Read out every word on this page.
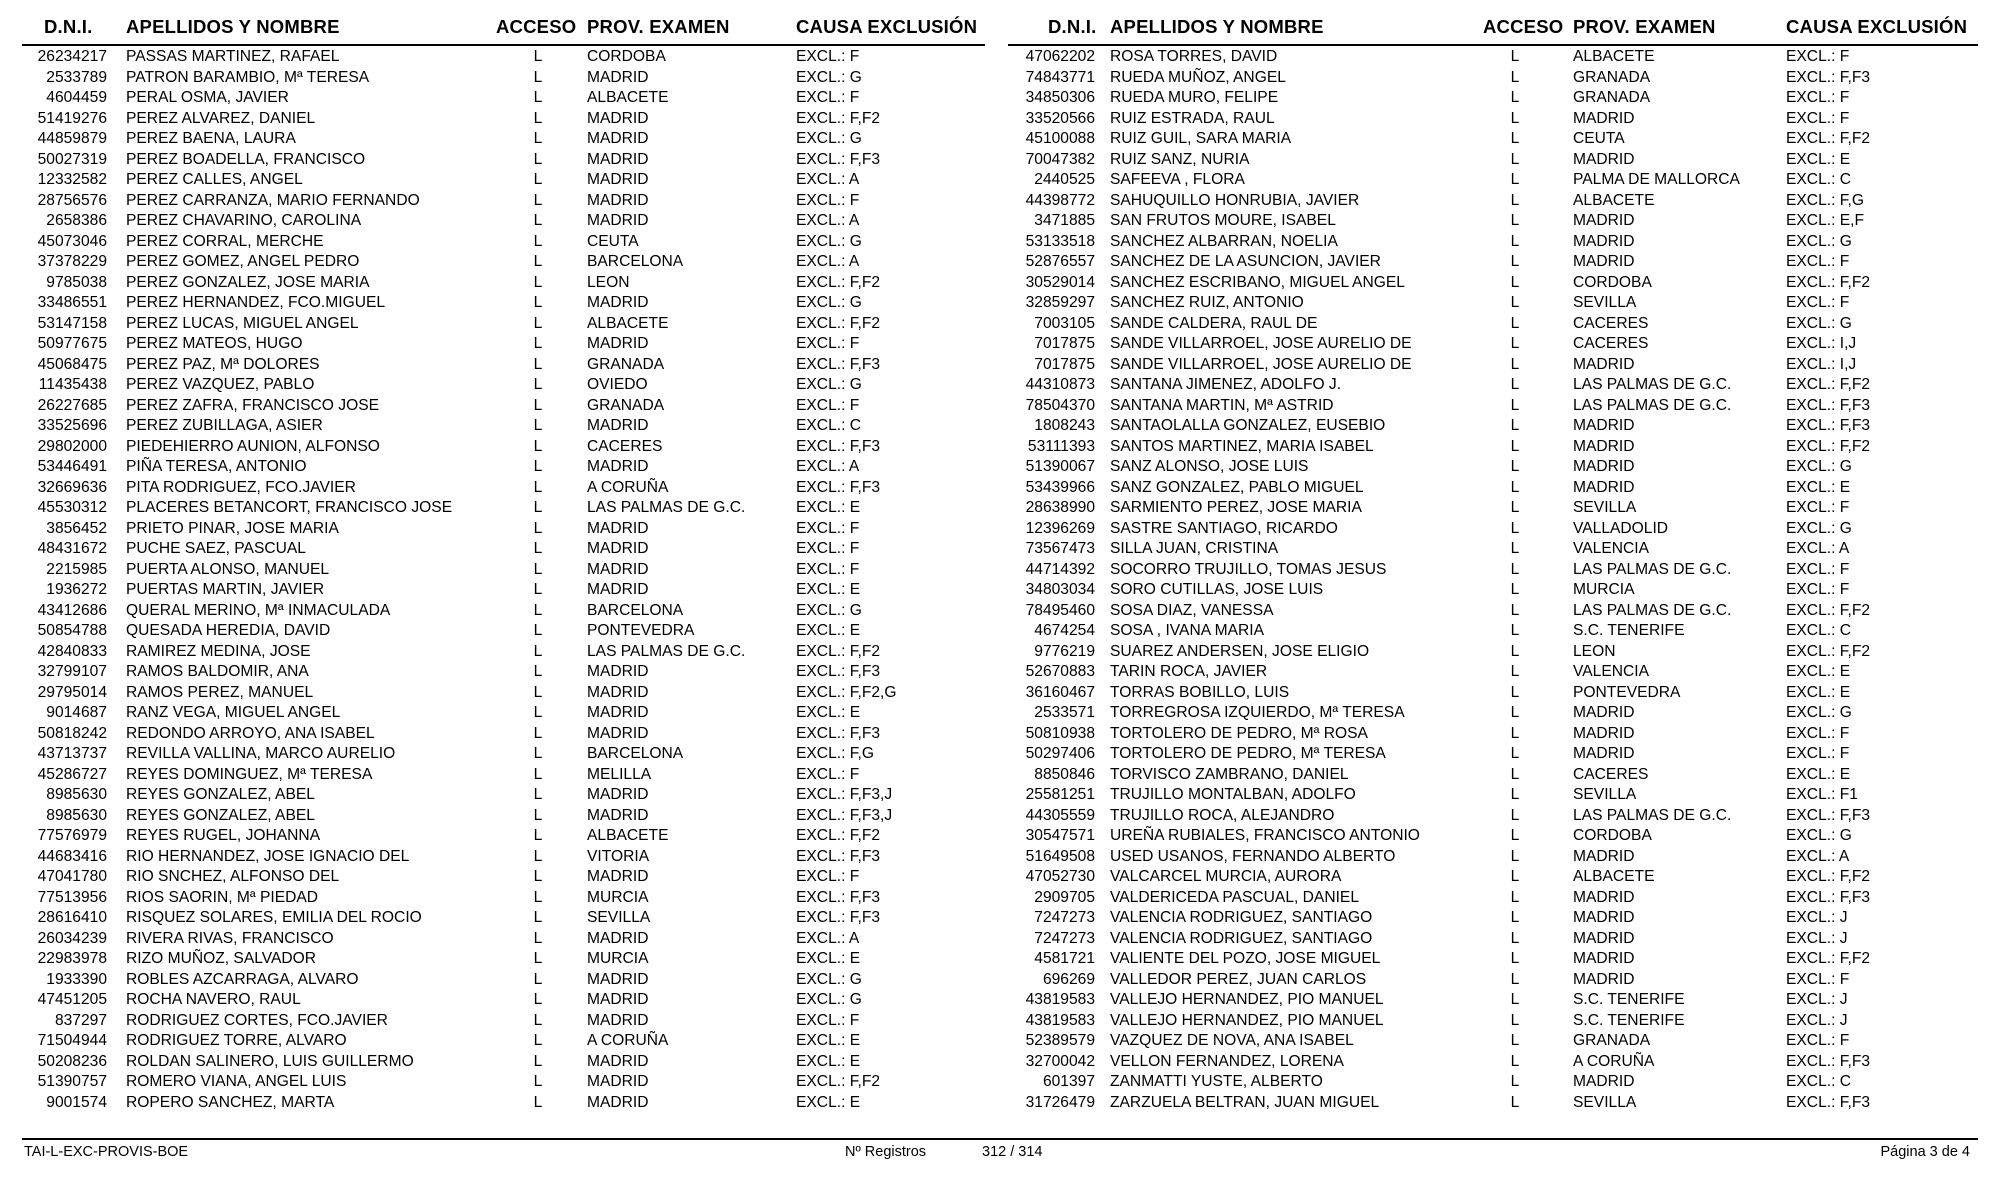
D.N.I. APELLIDOS Y NOMBRE	ACCESO PROV. EXAMEN	CAUSA EXCLUSIÓN
26234217 PASSAS MARTINEZ, RAFAEL	L	CORDOBA	EXCL.: F
2533789 PATRON BARAMBIO, Mª TERESA	L	MADRID	EXCL.: G
4604459 PERAL OSMA, JAVIER	L	ALBACETE	EXCL.: F
51419276 PEREZ ALVAREZ, DANIEL	L	MADRID	EXCL.: F,F2
44859879 PEREZ BAENA, LAURA	L	MADRID	EXCL.: G
50027319 PEREZ BOADELLA, FRANCISCO	L	MADRID	EXCL.: F,F3
12332582 PEREZ CALLES, ANGEL	L	MADRID	EXCL.: A
28756576 PEREZ CARRANZA, MARIO FERNANDO	L	MADRID	EXCL.: F
2658386 PEREZ CHAVARINO, CAROLINA	L	MADRID	EXCL.: A
45073046 PEREZ CORRAL, MERCHE	L	CEUTA	EXCL.: G
37378229 PEREZ GOMEZ, ANGEL PEDRO	L	BARCELONA	EXCL.: A
9785038 PEREZ GONZALEZ, JOSE MARIA	L	LEON	EXCL.: F,F2
33486551 PEREZ HERNANDEZ, FCO.MIGUEL	L	MADRID	EXCL.: G
53147158 PEREZ LUCAS, MIGUEL ANGEL	L	ALBACETE	EXCL.: F,F2
50977675 PEREZ MATEOS, HUGO	L	MADRID	EXCL.: F
45068475 PEREZ PAZ, Mª DOLORES	L	GRANADA	EXCL.: F,F3
11435438 PEREZ VAZQUEZ, PABLO	L	OVIEDO	EXCL.: G
26227685 PEREZ ZAFRA, FRANCISCO JOSE	L	GRANADA	EXCL.: F
33525696 PEREZ ZUBILLAGA, ASIER	L	MADRID	EXCL.: C
29802000 PIEDEHIERRO AUNION, ALFONSO	L	CACERES	EXCL.: F,F3
53446491 PIÑA TERESA, ANTONIO	L	MADRID	EXCL.: A
32669636 PITA RODRIGUEZ, FCO.JAVIER	L	A CORUÑA	EXCL.: F,F3
45530312 PLACERES BETANCORT, FRANCISCO JOSE	L	LAS PALMAS DE G.C.	EXCL.: E
3856452 PRIETO PINAR, JOSE MARIA	L	MADRID	EXCL.: F
48431672 PUCHE SAEZ, PASCUAL	L	MADRID	EXCL.: F
2215985 PUERTA ALONSO, MANUEL	L	MADRID	EXCL.: F
1936272 PUERTAS MARTIN, JAVIER	L	MADRID	EXCL.: E
43412686 QUERAL MERINO, Mª INMACULADA	L	BARCELONA	EXCL.: G
50854788 QUESADA HEREDIA, DAVID	L	PONTEVEDRA	EXCL.: E
42840833 RAMIREZ MEDINA, JOSE	L	LAS PALMAS DE G.C.	EXCL.: F,F2
32799107 RAMOS BALDOMIR, ANA	L	MADRID	EXCL.: F,F3
29795014 RAMOS PEREZ, MANUEL	L	MADRID	EXCL.: F,F2,G
9014687 RANZ VEGA, MIGUEL ANGEL	L	MADRID	EXCL.: E
50818242 REDONDO ARROYO, ANA ISABEL	L	MADRID	EXCL.: F,F3
43713737 REVILLA VALLINA, MARCO AURELIO	L	BARCELONA	EXCL.: F,G
45286727 REYES DOMINGUEZ, Mª TERESA	L	MELILLA	EXCL.: F
8985630 REYES GONZALEZ, ABEL	L	MADRID	EXCL.: F,F3,J
8985630 REYES GONZALEZ, ABEL	L	MADRID	EXCL.: F,F3,J
77576979 REYES RUGEL, JOHANNA	L	ALBACETE	EXCL.: F,F2
44683416 RIO HERNANDEZ, JOSE IGNACIO DEL	L	VITORIA	EXCL.: F,F3
47041780 RIO SNCHEZ, ALFONSO DEL	L	MADRID	EXCL.: F
77513956 RIOS SAORIN, Mª PIEDAD	L	MURCIA	EXCL.: F,F3
28616410 RISQUEZ SOLARES, EMILIA DEL ROCIO	L	SEVILLA	EXCL.: F,F3
26034239 RIVERA RIVAS, FRANCISCO	L	MADRID	EXCL.: A
22983978 RIZO MUÑOZ, SALVADOR	L	MURCIA	EXCL.: E
1933390 ROBLES AZCARRAGA, ALVARO	L	MADRID	EXCL.: G
47451205 ROCHA NAVERO, RAUL	L	MADRID	EXCL.: G
837297 RODRIGUEZ CORTES, FCO.JAVIER	L	MADRID	EXCL.: F
71504944 RODRIGUEZ TORRE, ALVARO	L	A CORUÑA	EXCL.: E
50208236 ROLDAN SALINERO, LUIS GUILLERMO	L	MADRID	EXCL.: E
51390757 ROMERO VIANA, ANGEL LUIS	L	MADRID	EXCL.: F,F2
9001574 ROPERO SANCHEZ, MARTA	L	MADRID	EXCL.: E
D.N.I. APELLIDOS Y NOMBRE	ACCESO PROV. EXAMEN	CAUSA EXCLUSIÓN
47062202 ROSA TORRES, DAVID	L	ALBACETE	EXCL.: F
74843771 RUEDA MUÑOZ, ANGEL	L	GRANADA	EXCL.: F,F3
34850306 RUEDA MURO, FELIPE	L	GRANADA	EXCL.: F
33520566 RUIZ ESTRADA, RAUL	L	MADRID	EXCL.: F
45100088 RUIZ GUIL, SARA MARIA	L	CEUTA	EXCL.: F,F2
70047382 RUIZ SANZ, NURIA	L	MADRID	EXCL.: E
2440525 SAFEEVA , FLORA	L	PALMA DE MALLORCA	EXCL.: C
44398772 SAHUQUILLO HONRUBIA, JAVIER	L	ALBACETE	EXCL.: F,G
3471885 SAN FRUTOS MOURE, ISABEL	L	MADRID	EXCL.: E,F
53133518 SANCHEZ ALBARRAN, NOELIA	L	MADRID	EXCL.: G
52876557 SANCHEZ DE LA ASUNCION, JAVIER	L	MADRID	EXCL.: F
30529014 SANCHEZ ESCRIBANO, MIGUEL ANGEL	L	CORDOBA	EXCL.: F,F2
32859297 SANCHEZ RUIZ, ANTONIO	L	SEVILLA	EXCL.: F
7003105 SANDE CALDERA, RAUL DE	L	CACERES	EXCL.: G
7017875 SANDE VILLARROEL, JOSE AURELIO DE	L	CACERES	EXCL.: I,J
7017875 SANDE VILLARROEL, JOSE AURELIO DE	L	MADRID	EXCL.: I,J
44310873 SANTANA JIMENEZ, ADOLFO J.	L	LAS PALMAS DE G.C.	EXCL.: F,F2
78504370 SANTANA MARTIN, Mª ASTRID	L	LAS PALMAS DE G.C.	EXCL.: F,F3
1808243 SANTAOLALLA GONZALEZ, EUSEBIO	L	MADRID	EXCL.: F,F3
53111393 SANTOS MARTINEZ, MARIA ISABEL	L	MADRID	EXCL.: F,F2
51390067 SANZ ALONSO, JOSE LUIS	L	MADRID	EXCL.: G
53439966 SANZ GONZALEZ, PABLO MIGUEL	L	MADRID	EXCL.: E
28638990 SARMIENTO PEREZ, JOSE MARIA	L	SEVILLA	EXCL.: F
12396269 SASTRE SANTIAGO, RICARDO	L	VALLADOLID	EXCL.: G
73567473 SILLA JUAN, CRISTINA	L	VALENCIA	EXCL.: A
44714392 SOCORRO TRUJILLO, TOMAS JESUS	L	LAS PALMAS DE G.C.	EXCL.: F
34803034 SORO CUTILLAS, JOSE LUIS	L	MURCIA	EXCL.: F
78495460 SOSA DIAZ, VANESSA	L	LAS PALMAS DE G.C.	EXCL.: F,F2
4674254 SOSA , IVANA MARIA	L	S.C. TENERIFE	EXCL.: C
9776219 SUAREZ ANDERSEN, JOSE ELIGIO	L	LEON	EXCL.: F,F2
52670883 TARIN ROCA, JAVIER	L	VALENCIA	EXCL.: E
36160467 TORRAS BOBILLO, LUIS	L	PONTEVEDRA	EXCL.: E
2533571 TORREGROSA IZQUIERDO, Mª TERESA	L	MADRID	EXCL.: G
50810938 TORTOLERO DE PEDRO, Mª ROSA	L	MADRID	EXCL.: F
50297406 TORTOLERO DE PEDRO, Mª TERESA	L	MADRID	EXCL.: F
8850846 TORVISCO ZAMBRANO, DANIEL	L	CACERES	EXCL.: E
25581251 TRUJILLO MONTALBAN, ADOLFO	L	SEVILLA	EXCL.: F1
44305559 TRUJILLO ROCA, ALEJANDRO	L	LAS PALMAS DE G.C.	EXCL.: F,F3
30547571 UREÑA RUBIALES, FRANCISCO ANTONIO	L	CORDOBA	EXCL.: G
51649508 USED USANOS, FERNANDO ALBERTO	L	MADRID	EXCL.: A
47052730 VALCARCEL MURCIA, AURORA	L	ALBACETE	EXCL.: F,F2
2909705 VALDERICEDA PASCUAL, DANIEL	L	MADRID	EXCL.: F,F3
7247273 VALENCIA RODRIGUEZ, SANTIAGO	L	MADRID	EXCL.: J
7247273 VALENCIA RODRIGUEZ, SANTIAGO	L	MADRID	EXCL.: J
4581721 VALIENTE DEL POZO, JOSE MIGUEL	L	MADRID	EXCL.: F,F2
696269 VALLEDOR PEREZ, JUAN CARLOS	L	MADRID	EXCL.: F
43819583 VALLEJO HERNANDEZ, PIO MANUEL	L	S.C. TENERIFE	EXCL.: J
43819583 VALLEJO HERNANDEZ, PIO MANUEL	L	S.C. TENERIFE	EXCL.: J
52389579 VAZQUEZ DE NOVA, ANA ISABEL	L	GRANADA	EXCL.: F
32700042 VELLON FERNANDEZ, LORENA	L	A CORUÑA	EXCL.: F,F3
601397 ZANMATTI YUSTE, ALBERTO	L	MADRID	EXCL.: C
31726479 ZARZUELA BELTRAN, JUAN MIGUEL	L	SEVILLA	EXCL.: F,F3
TAI-L-EXC-PROVIS-BOE	Nº Registros	312 / 314	Página 3 de 4
